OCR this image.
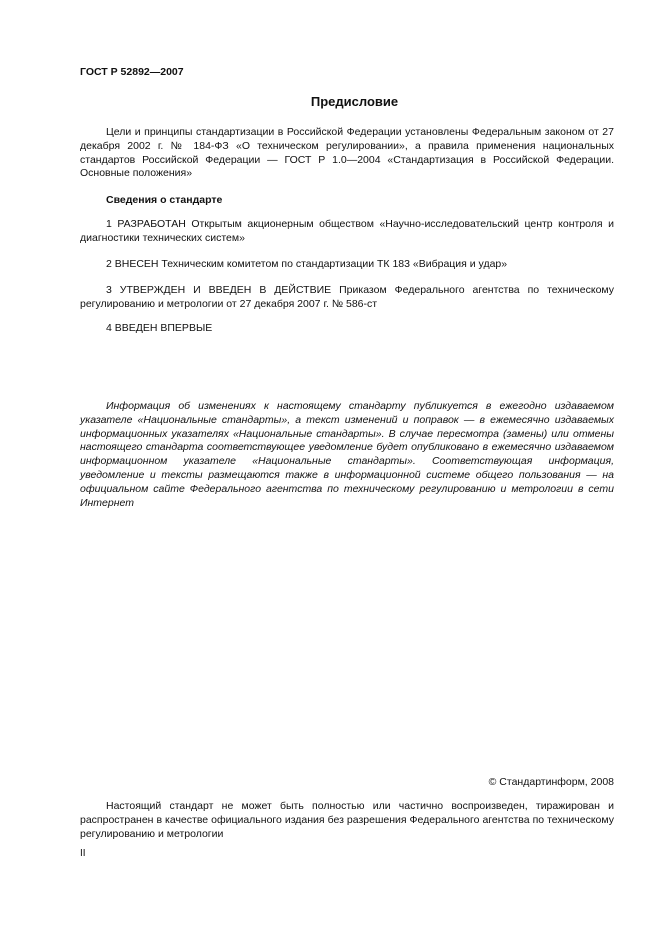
ГОСТ Р 52892—2007
Предисловие
Цели и принципы стандартизации в Российской Федерации установлены Федеральным законом от 27 декабря 2002 г. № 184-ФЗ «О техническом регулировании», а правила применения национальных стандартов Российской Федерации — ГОСТ Р 1.0—2004 «Стандартизация в Российской Федерации. Основные положения»
Сведения о стандарте
1 РАЗРАБОТАН Открытым акционерным обществом «Научно-исследовательский центр контроля и диагностики технических систем»
2 ВНЕСЕН Техническим комитетом по стандартизации ТК 183 «Вибрация и удар»
3 УТВЕРЖДЕН И ВВЕДЕН В ДЕЙСТВИЕ Приказом Федерального агентства по техническому регулированию и метрологии от 27 декабря 2007 г. № 586-ст
4 ВВЕДЕН ВПЕРВЫЕ
Информация об изменениях к настоящему стандарту публикуется в ежегодно издаваемом указателе «Национальные стандарты», а текст изменений и поправок — в ежемесячно издаваемых информационных указателях «Национальные стандарты». В случае пересмотра (замены) или отмены настоящего стандарта соответствующее уведомление будет опубликовано в ежемесячно издаваемом информационном указателе «Национальные стандарты». Соответствующая информация, уведомление и тексты размещаются также в информационной системе общего пользования — на официальном сайте Федерального агентства по техническому регулированию и метрологии в сети Интернет
© Стандартинформ, 2008
Настоящий стандарт не может быть полностью или частично воспроизведен, тиражирован и распространен в качестве официального издания без разрешения Федерального агентства по техническому регулированию и метрологии
II
